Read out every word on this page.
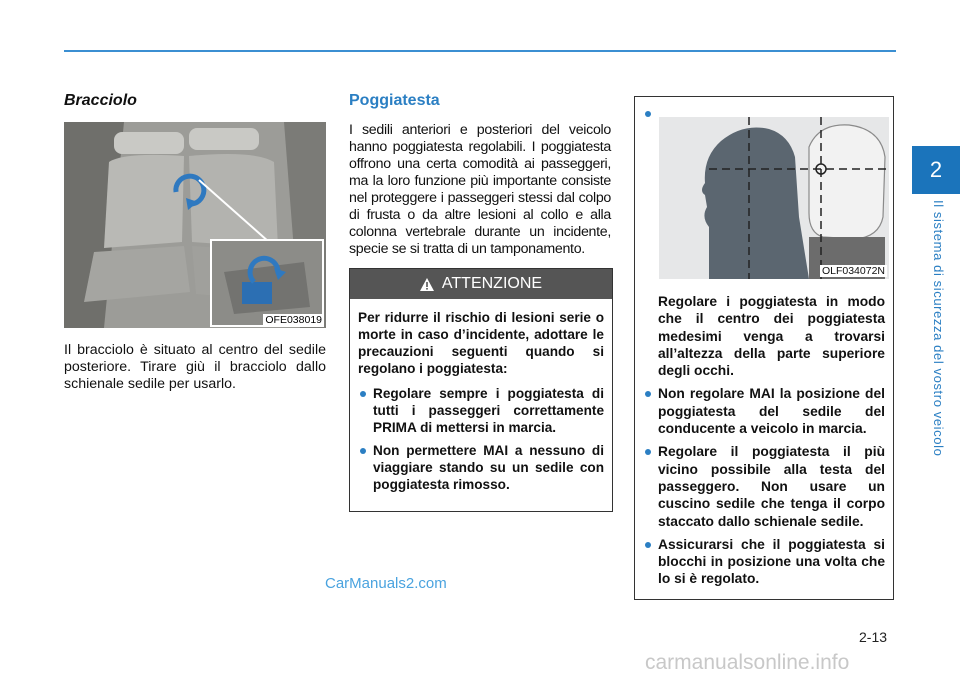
2
Il sistema di sicurezza del vostro veicolo
Bracciolo
OFE038019

Il bracciolo è situato al centro del sedile posteriore. Tirare giù il bracciolo dallo schienale sedile per usarlo.

Poggiatesta

I sedili anteriori e posteriori del veicolo hanno poggiatesta regolabili. I poggiatesta offrono una certa comodità ai passeggeri, ma la loro funzione più importante consiste nel proteggere i passeggeri stessi dal colpo di frusta o da altre lesioni al collo e alla colonna vertebrale durante un incidente, specie se si tratta di un tamponamento.

ATTENZIONE

Per ridurre il rischio di lesioni serie o morte in caso d’incidente, adottare le precauzioni seguenti quando si regolano i poggiatesta:

Regolare sempre i poggiatesta di tutti i passeggeri correttamente PRIMA di mettersi in marcia.
Non permettere MAI a nessuno di viaggiare stando su un sedile con poggiatesta rimosso.
OLF034072N
Regolare i poggiatesta in modo che il centro dei poggiatesta medesimi venga a trovarsi all’altezza della parte superiore degli occhi.
Non regolare MAI la posizione del poggiatesta del sedile del conducente a veicolo in marcia.
Regolare il poggiatesta il più vicino possibile alla testa del passeggero. Non usare un cuscino sedile che tenga il corpo staccato dallo schienale sedile.
Assicurarsi che il poggiatesta si blocchi in posizione una volta che lo si è regolato.
CarManuals2.com
2-13
carmanualsonline.info
